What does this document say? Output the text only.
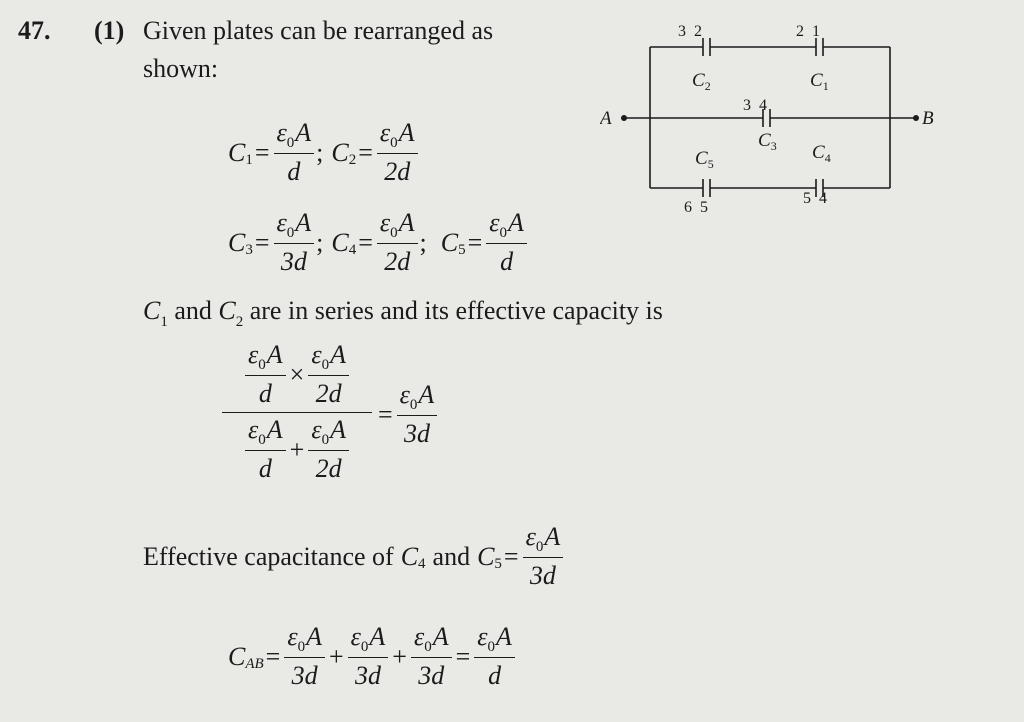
47. (1) Given plates can be rearranged as
shown:
3  2	2  1
3  4
6  5
5  4
A	B
$C_2$	$C_1$
$C_3$
$C_5$
$C_4$
C $1 = \frac{\varepsilon_0A}{d}$ ; C $2 = \frac{\varepsilon_0A}{2d}$
C $3 = \frac{\varepsilon_0A}{3d}$ ; C $4 = \frac{\varepsilon_0A}{2d}$ ; C $5 = \frac{\varepsilon_0A}{d}$
$C_1$ and $C_2$ are in series and its effective capacity is
$\frac{\varepsilon_0A}{d} \times \frac{\varepsilon_0A}{2d}$
$\frac{\varepsilon_0A}{d} + \frac{\varepsilon_0A}{2d}$
= $\frac{\varepsilon_0A}{3d}$
Effective capacitance of C 4 and C $5 = \frac{\varepsilon_0A}{3d}$
C AB = $\frac{\varepsilon_0A}{3d} + \frac{\varepsilon_0A}{3d} + \frac{\varepsilon_0A}{3d} = \frac{\varepsilon_0A}{d}$
